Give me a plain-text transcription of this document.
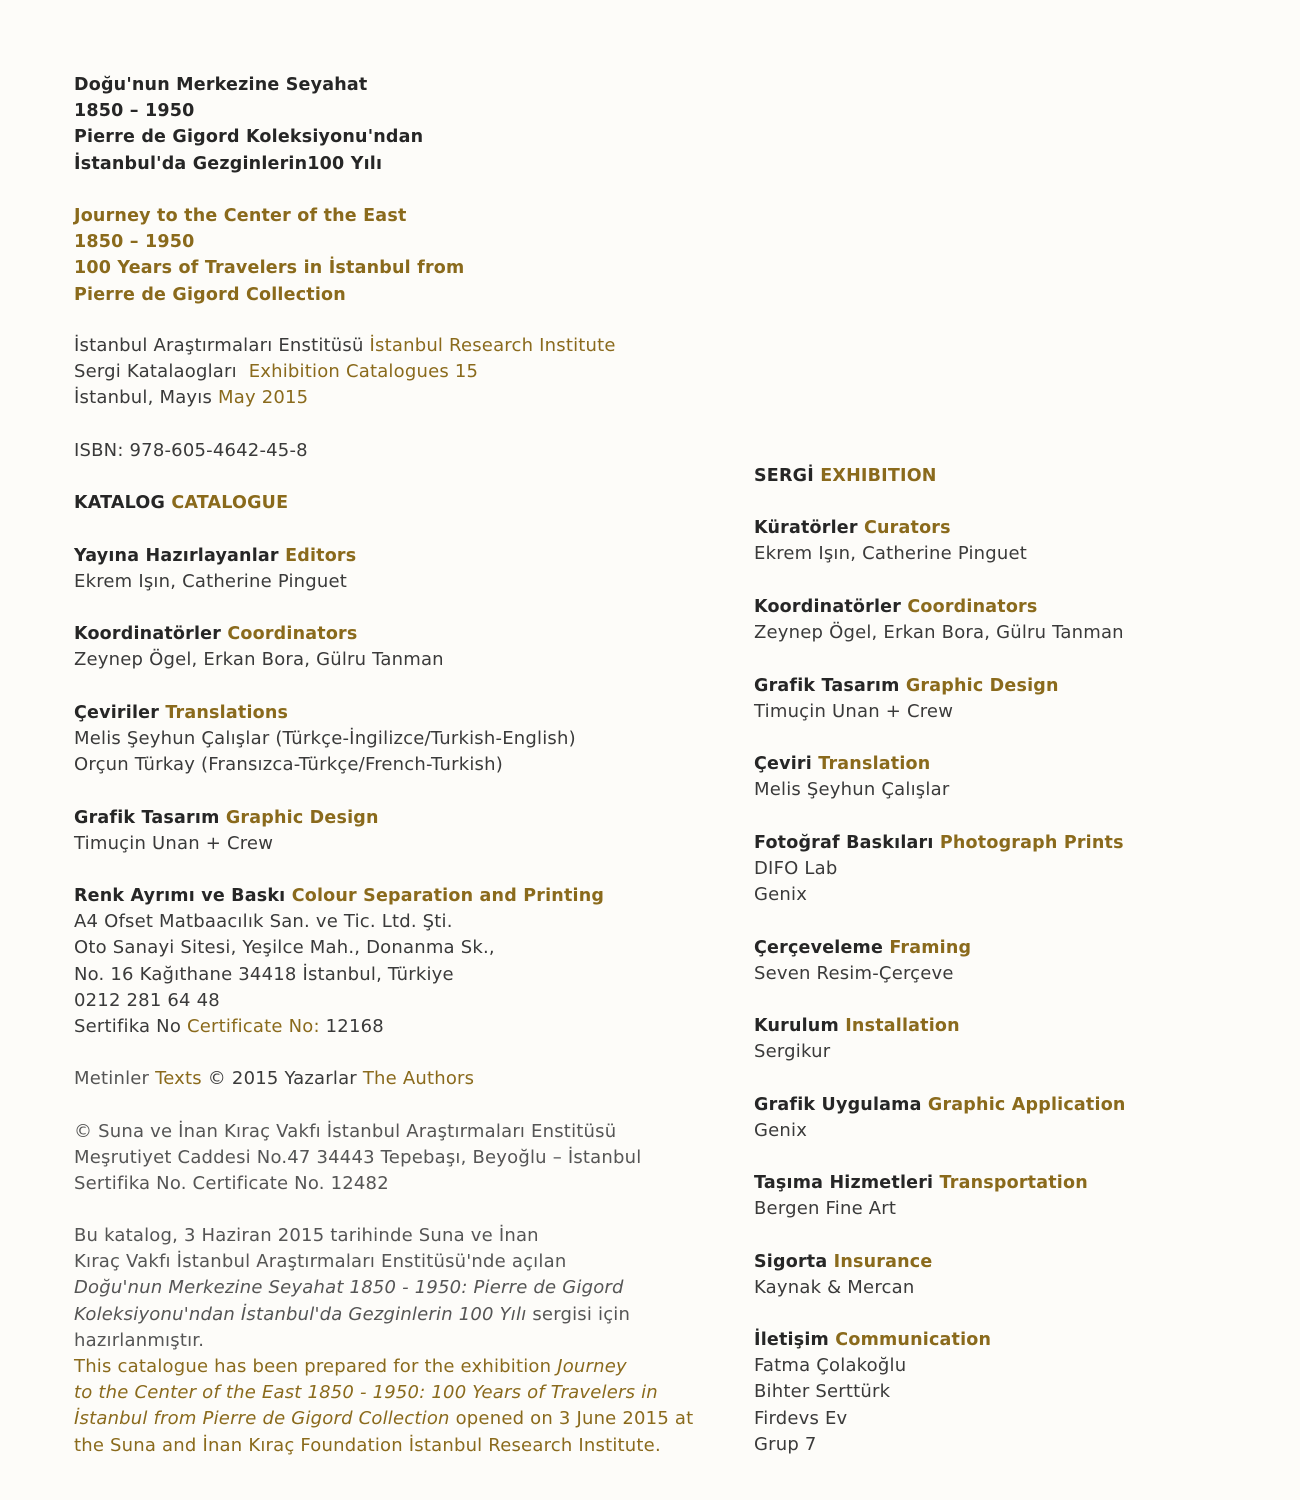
Doğu'nun Merkezine Seyahat
1850 – 1950
Pierre de Gigord Koleksiyonu'ndan
İstanbul'da Gezginlerin100 Yılı
Journey to the Center of the East
1850 – 1950
100 Years of Travelers in İstanbul from
Pierre de Gigord Collection
İstanbul Araştırmaları Enstitüsü İstanbul Research Institute
Sergi Katalaogları Exhibition Catalogues 15
İstanbul, Mayıs May 2015
ISBN: 978-605-4642-45-8
KATALOG CATALOGUE
Yayına Hazırlayanlar Editors
Ekrem Işın, Catherine Pinguet
Koordinatörler Coordinators
Zeynep Ögel, Erkan Bora, Gülru Tanman
Çeviriler Translations
Melis Şeyhun Çalışlar (Türkçe-İngilizce/Turkish-English)
Orçun Türkay (Fransızca-Türkçe/French-Turkish)
Grafik Tasarım Graphic Design
Timuçin Unan + Crew
Renk Ayrımı ve Baskı Colour Separation and Printing
A4 Ofset Matbaacılık San. ve Tic. Ltd. Şti.
Oto Sanayi Sitesi, Yeşilce Mah., Donanma Sk.,
No. 16 Kağıthane 34418 İstanbul, Türkiye
0212 281 64 48
Sertifika No Certificate No: 12168
Metinler Texts © 2015 Yazarlar The Authors
© Suna ve İnan Kıraç Vakfı İstanbul Araştırmaları Enstitüsü
Meşrutiyet Caddesi No.47 34443 Tepebaşı, Beyoğlu – İstanbul
Sertifika No. Certificate No. 12482
Bu katalog, 3 Haziran 2015 tarihinde Suna ve İnan
Kıraç Vakfı İstanbul Araştırmaları Enstitüsü'nde açılan
Doğu'nun Merkezine Seyahat 1850 - 1950: Pierre de Gigord
Koleksiyonu'ndan İstanbul'da Gezginlerin 100 Yılı sergisi için
hazırlanmıştır.
This catalogue has been prepared for the exhibition Journey
to the Center of the East 1850 - 1950: 100 Years of Travelers in
İstanbul from Pierre de Gigord Collection opened on 3 June 2015 at
the Suna and İnan Kıraç Foundation İstanbul Research Institute.
SERGİ EXHIBITION
Küratörler Curators
Ekrem Işın, Catherine Pinguet
Koordinatörler Coordinators
Zeynep Ögel, Erkan Bora, Gülru Tanman
Grafik Tasarım Graphic Design
Timuçin Unan + Crew
Çeviri Translation
Melis Şeyhun Çalışlar
Fotoğraf Baskıları Photograph Prints
DIFO Lab
Genix
Çerçeveleme Framing
Seven Resim-Çerçeve
Kurulum Installation
Sergikur
Grafik Uygulama Graphic Application
Genix
Taşıma Hizmetleri Transportation
Bergen Fine Art
Sigorta Insurance
Kaynak & Mercan
İletişim Communication
Fatma Çolakoğlu
Bihter Serttürk
Firdevs Ev
Grup 7
